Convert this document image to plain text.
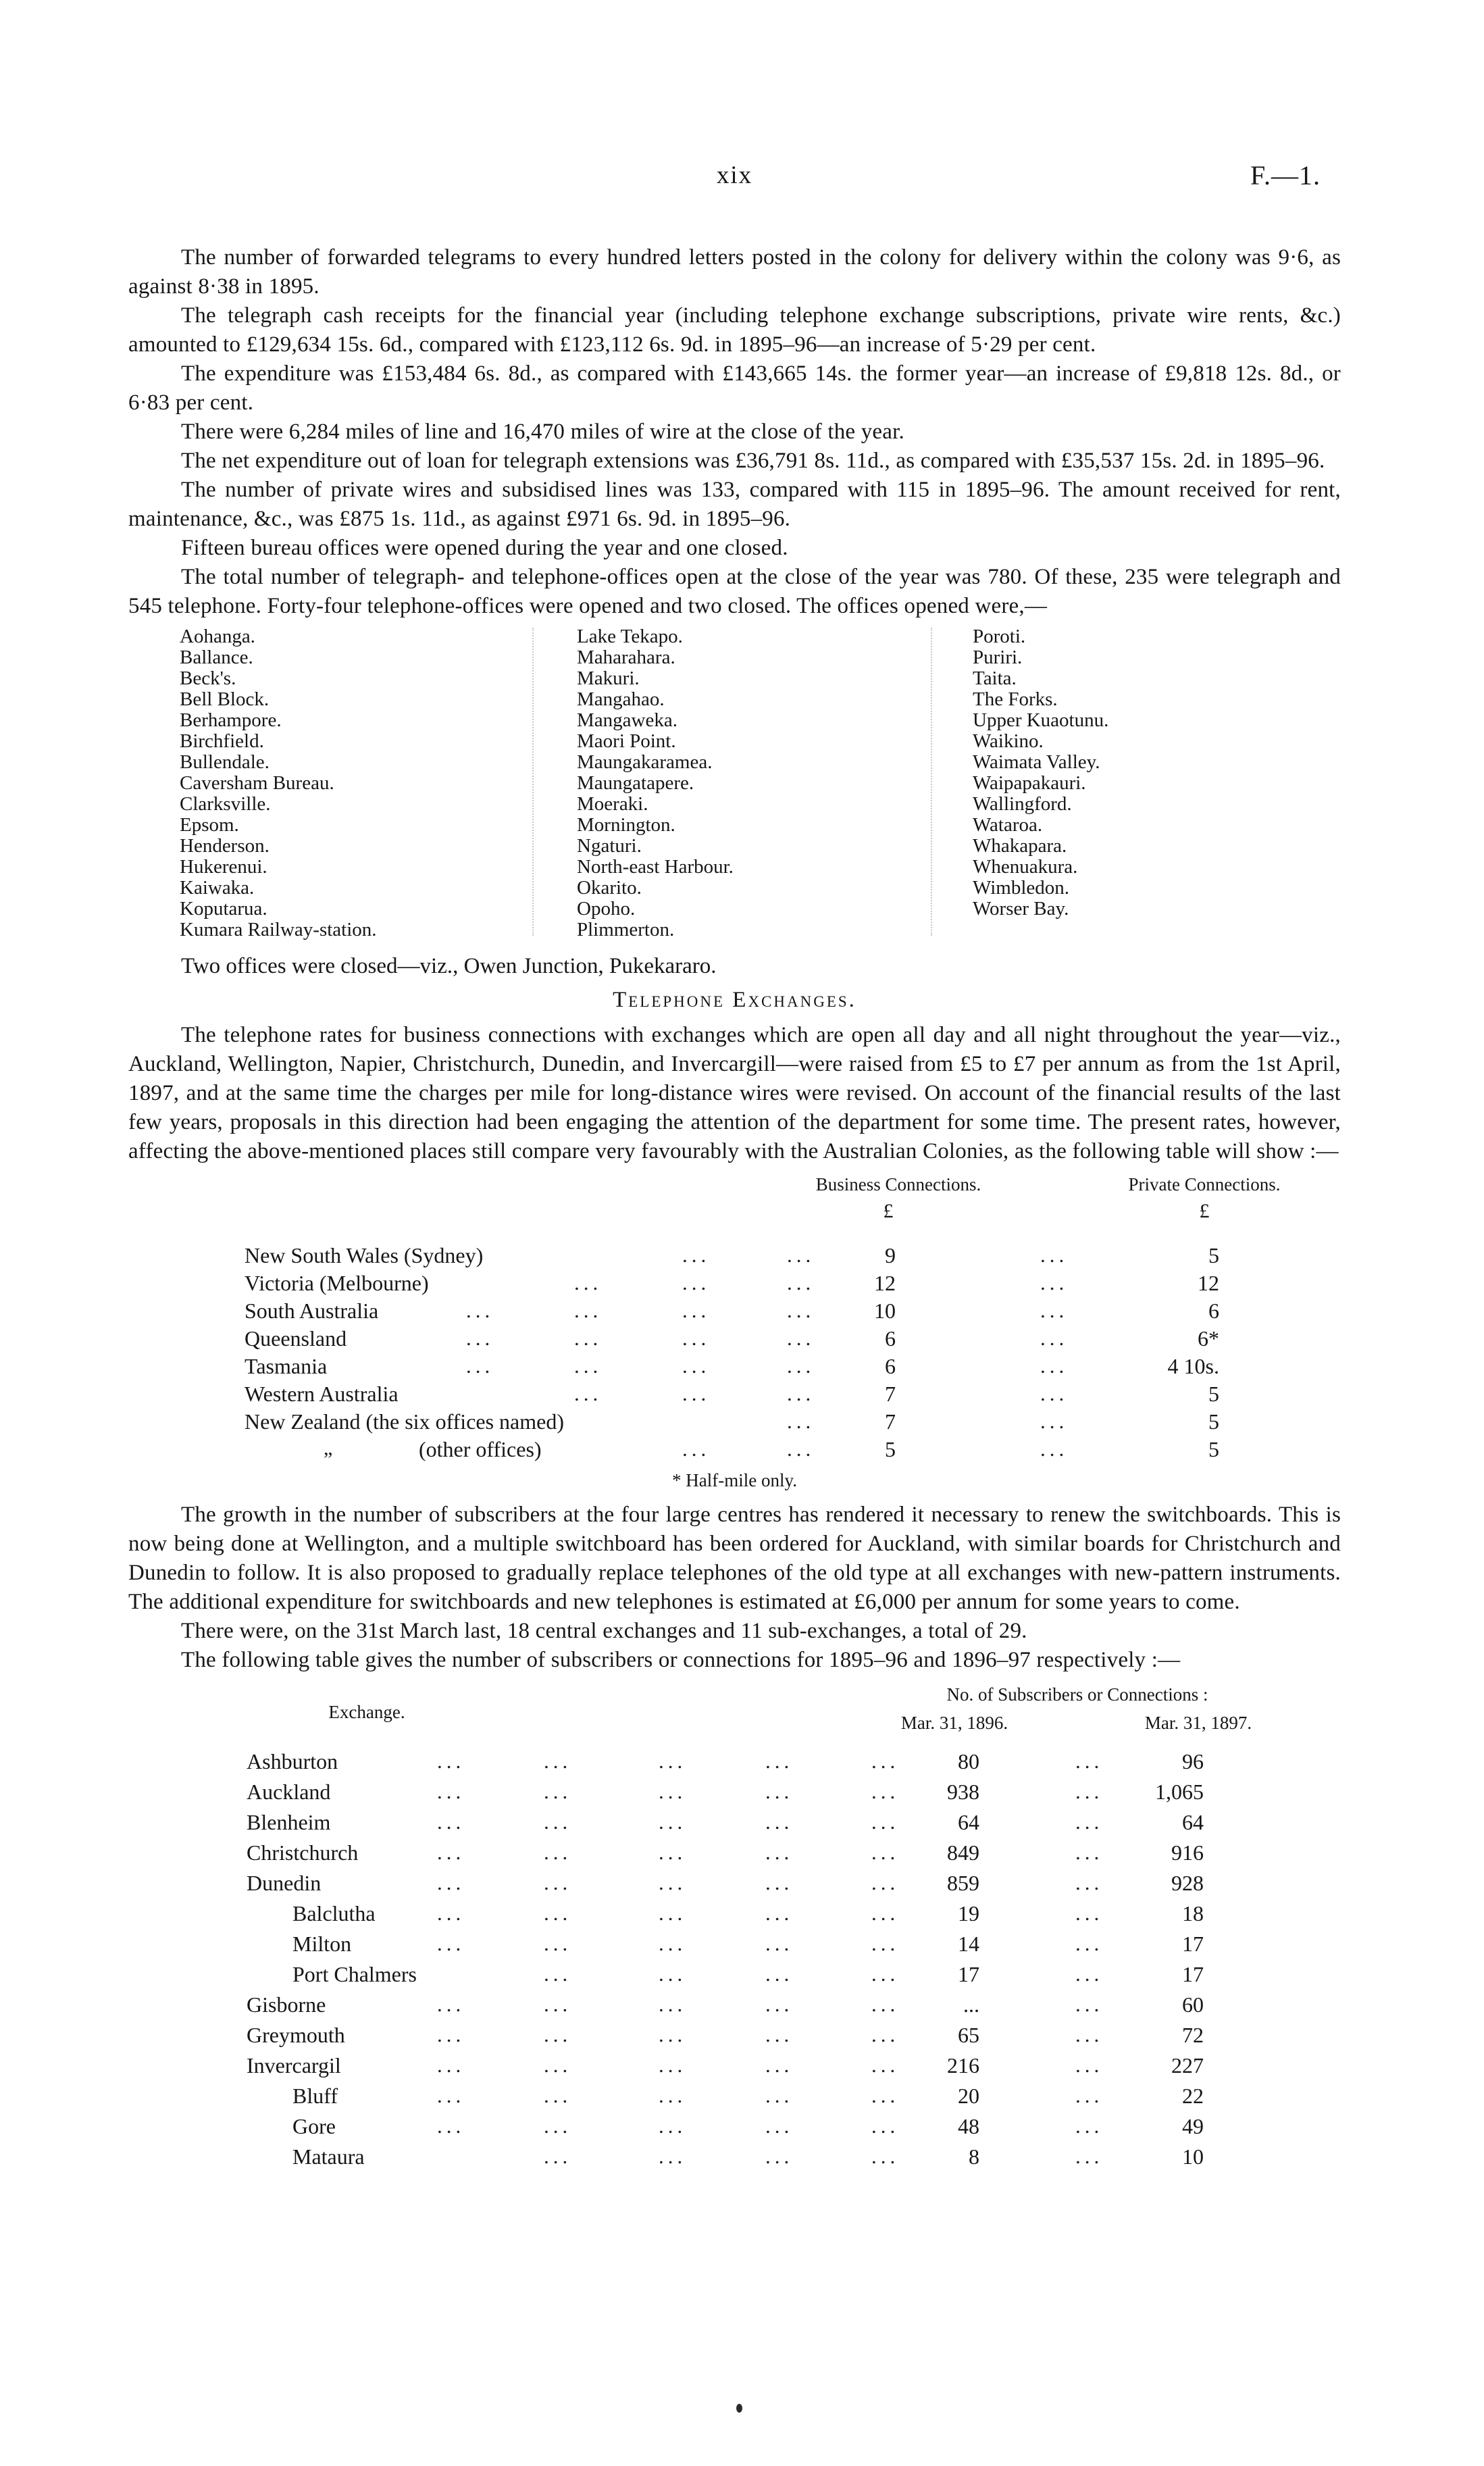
xix	F.—1.

The number of forwarded telegrams to every hundred letters posted in the colony for delivery within the colony was 9·6, as against 8·38 in 1895.

The telegraph cash receipts for the financial year (including telephone exchange subscriptions, private wire rents, &c.) amounted to £129,634 15s. 6d., compared with £123,112 6s. 9d. in 1895–96—an increase of 5·29 per cent.

The expenditure was £153,484 6s. 8d., as compared with £143,665 14s. the former year—an increase of £9,818 12s. 8d., or 6·83 per cent.

There were 6,284 miles of line and 16,470 miles of wire at the close of the year.

The net expenditure out of loan for telegraph extensions was £36,791 8s. 11d., as compared with £35,537 15s. 2d. in 1895–96.

The number of private wires and subsidised lines was 133, compared with 115 in 1895–96. The amount received for rent, maintenance, &c., was £875 1s. 11d., as against £971 6s. 9d. in 1895–96.

Fifteen bureau offices were opened during the year and one closed.

The total number of telegraph- and telephone-offices open at the close of the year was 780. Of these, 235 were telegraph and 545 telephone. Forty-four telephone-offices were opened and two closed. The offices opened were,—

Aohanga.
Ballance.
Beck's.
Bell Block.
Berhampore.
Birchfield.
Bullendale.
Caversham Bureau.
Clarksville.
Epsom.
Henderson.
Hukerenui.
Kaiwaka.
Koputarua.
Kumara Railway-station.
Lake Tekapo.
Maharahara.
Makuri.
Mangahao.
Mangaweka.
Maori Point.
Maungakaramea.
Maungatapere.
Moeraki.
Mornington.
Ngaturi.
North-east Harbour.
Okarito.
Opoho.
Plimmerton.
Poroti.
Puriri.
Taita.
The Forks.
Upper Kuaotunu.
Waikino.
Waimata Valley.
Waipapakauri.
Wallingford.
Wataroa.
Whakapara.
Whenuakura.
Wimbledon.
Worser Bay.
Two offices were closed—viz., Owen Junction, Pukekararo.
Telephone Exchanges.

The telephone rates for business connections with exchanges which are open all day and all night throughout the year—viz., Auckland, Wellington, Napier, Christchurch, Dunedin, and Invercargill—were raised from £5 to £7 per annum as from the 1st April, 1897, and at the same time the charges per mile for long-distance wires were revised. On account of the financial results of the last few years, proposals in this direction had been engaging the attention of the department for some time. The present rates, however, affecting the above-mentioned places still compare very favourably with the Australian Colonies, as the following table will show :—

Business Connections.	Private Connections.
£	£
New South Wales (Sydney)	...	...	9	...	5
Victoria (Melbourne)	...	...	...	12	...	12
South Australia	...	...	...	...	10	...	6
Queensland	...	...	...	...	6	...	6*
Tasmania	...	...	...	...	6	...	4 10s.
Western Australia	...	...	...	7	...	5
New Zealand (the six offices named)	...	7	...	5
„	(other offices)	...	...	5	...	5
* Half-mile only.

The growth in the number of subscribers at the four large centres has rendered it necessary to renew the switchboards. This is now being done at Wellington, and a multiple switchboard has been ordered for Auckland, with similar boards for Christchurch and Dunedin to follow. It is also proposed to gradually replace telephones of the old type at all exchanges with new-pattern instruments. The additional expenditure for switchboards and new telephones is estimated at £6,000 per annum for some years to come.

There were, on the 31st March last, 18 central exchanges and 11 sub-exchanges, a total of 29.

The following table gives the number of subscribers or connections for 1895–96 and 1896–97 respectively :—

Exchange.
No. of Subscribers or Connections :
Mar. 31, 1896.	Mar. 31, 1897.
Ashburton	...	...	...	...	...	80	...	96
Auckland	...	...	...	...	...	938	...	1,065
Blenheim	...	...	...	...	...	64	...	64
Christchurch	...	...	...	...	...	849	...	916
Dunedin	...	...	...	...	...	859	...	928
Balclutha	...	...	...	...	...	19	...	18
Milton	...	...	...	...	...	14	...	17
Port Chalmers	...	...	...	...	17	...	17
Gisborne	...	...	...	...	...	...	...	60
Greymouth	...	...	...	...	...	65	...	72
Invercargil	...	...	...	...	...	216	...	227
Bluff	...	...	...	...	...	20	...	22
Gore	...	...	...	...	...	48	...	49
Mataura	...	...	...	...	8	...	10
